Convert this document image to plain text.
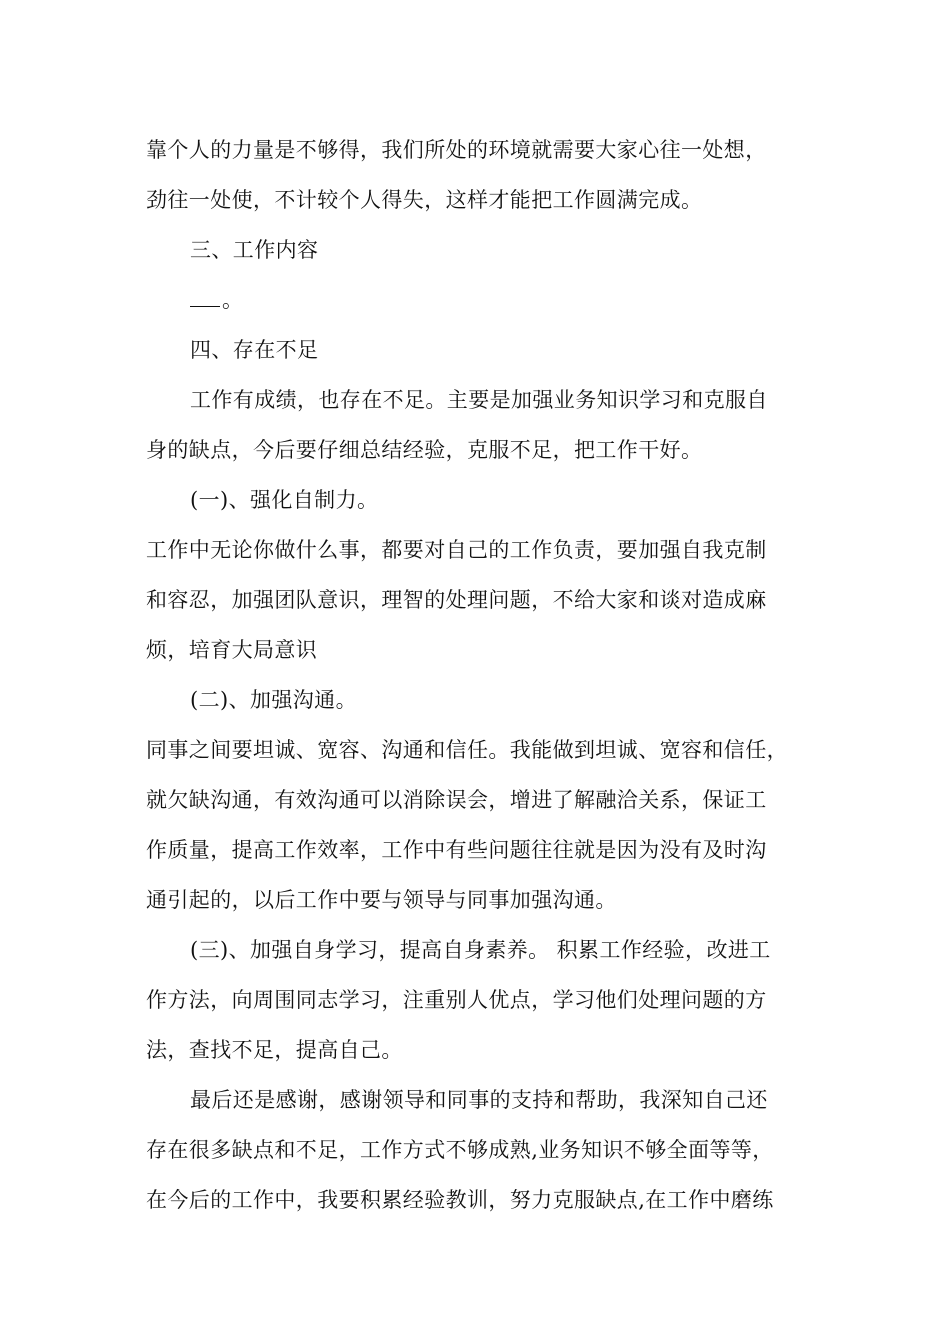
靠个人的力量是不够得，我们所处的环境就需要大家心往一处想，
劲往一处使，不计较个人得失，这样才能把工作圆满完成。
三、工作内容
。
四、存在不足
工作有成绩，也存在不足。主要是加强业务知识学习和克服自
身的缺点，今后要仔细总结经验，克服不足，把工作干好。
(一)、强化自制力。
工作中无论你做什么事，都要对自己的工作负责，要加强自我克制
和容忍，加强团队意识，理智的处理问题，不给大家和谈对造成麻
烦，培育大局意识
(二)、加强沟通。
同事之间要坦诚、宽容、沟通和信任。我能做到坦诚、宽容和信任，
就欠缺沟通，有效沟通可以消除误会，增进了解融洽关系，保证工
作质量，提高工作效率，工作中有些问题往往就是因为没有及时沟
通引起的，以后工作中要与领导与同事加强沟通。
(三)、加强自身学习，提高自身素养。 积累工作经验，改进工
作方法，向周围同志学习，注重别人优点，学习他们处理问题的方
法，查找不足，提高自己。
最后还是感谢，感谢领导和同事的支持和帮助，我深知自己还
存在很多缺点和不足，工作方式不够成熟,业务知识不够全面等等，
在今后的工作中，我要积累经验教训，努力克服缺点,在工作中磨练
